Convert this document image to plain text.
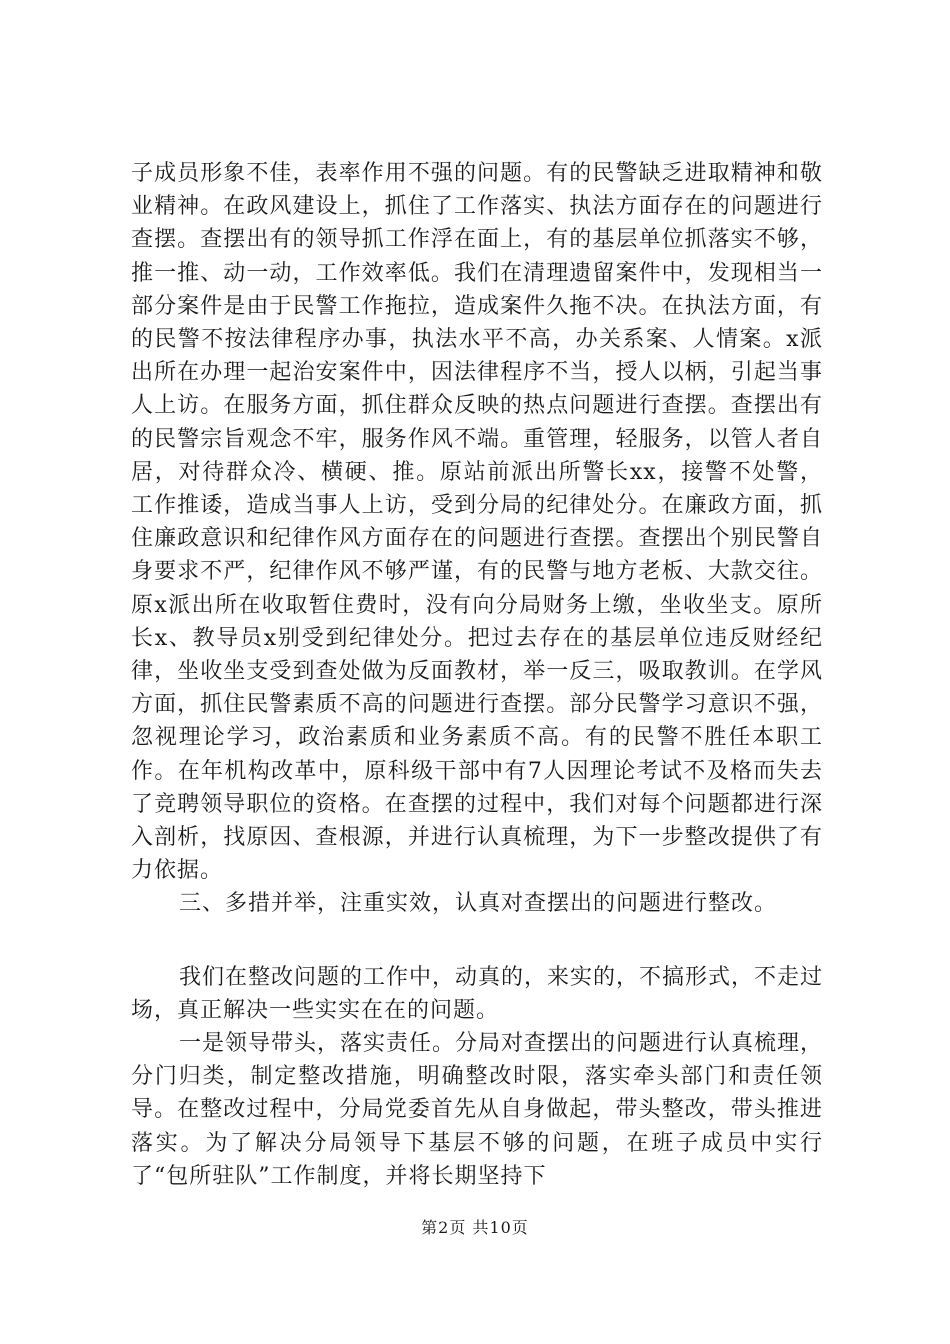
子成员形象不佳，表率作用不强的问题。有的民警缺乏进取精神和敬业精神。在政风建设上，抓住了工作落实、执法方面存在的问题进行查摆。查摆出有的领导抓工作浮在面上，有的基层单位抓落实不够，推一推、动一动，工作效率低。我们在清理遗留案件中，发现相当一部分案件是由于民警工作拖拉，造成案件久拖不决。在执法方面，有的民警不按法律程序办事，执法水平不高，办关系案、人情案。x派出所在办理一起治安案件中，因法律程序不当，授人以柄，引起当事人上访。在服务方面，抓住群众反映的热点问题进行查摆。查摆出有的民警宗旨观念不牢，服务作风不端。重管理，轻服务，以管人者自居，对待群众冷、横硬、推。原站前派出所警长xx，接警不处警，工作推诿，造成当事人上访，受到分局的纪律处分。在廉政方面，抓住廉政意识和纪律作风方面存在的问题进行查摆。查摆出个别民警自身要求不严，纪律作风不够严谨，有的民警与地方老板、大款交往。原x派出所在收取暂住费时，没有向分局财务上缴，坐收坐支。原所长x、教导员x别受到纪律处分。把过去存在的基层单位违反财经纪律，坐收坐支受到查处做为反面教材，举一反三，吸取教训。在学风方面，抓住民警素质不高的问题进行查摆。部分民警学习意识不强，忽视理论学习，政治素质和业务素质不高。有的民警不胜任本职工作。在年机构改革中，原科级干部中有7人因理论考试不及格而失去了竞聘领导职位的资格。在查摆的过程中，我们对每个问题都进行深入剖析，找原因、查根源，并进行认真梳理，为下一步整改提供了有力依据。

三、多措并举，注重实效，认真对查摆出的问题进行整改。

我们在整改问题的工作中，动真的，来实的，不搞形式，不走过场，真正解决一些实实在在的问题。

一是领导带头，落实责任。分局对查摆出的问题进行认真梳理，分门归类，制定整改措施，明确整改时限，落实牵头部门和责任领导。在整改过程中，分局党委首先从自身做起，带头整改，带头推进落实。为了解决分局领导下基层不够的问题，在班子成员中实行了“包所驻队”工作制度，并将长期坚持下

第2页 共10页
